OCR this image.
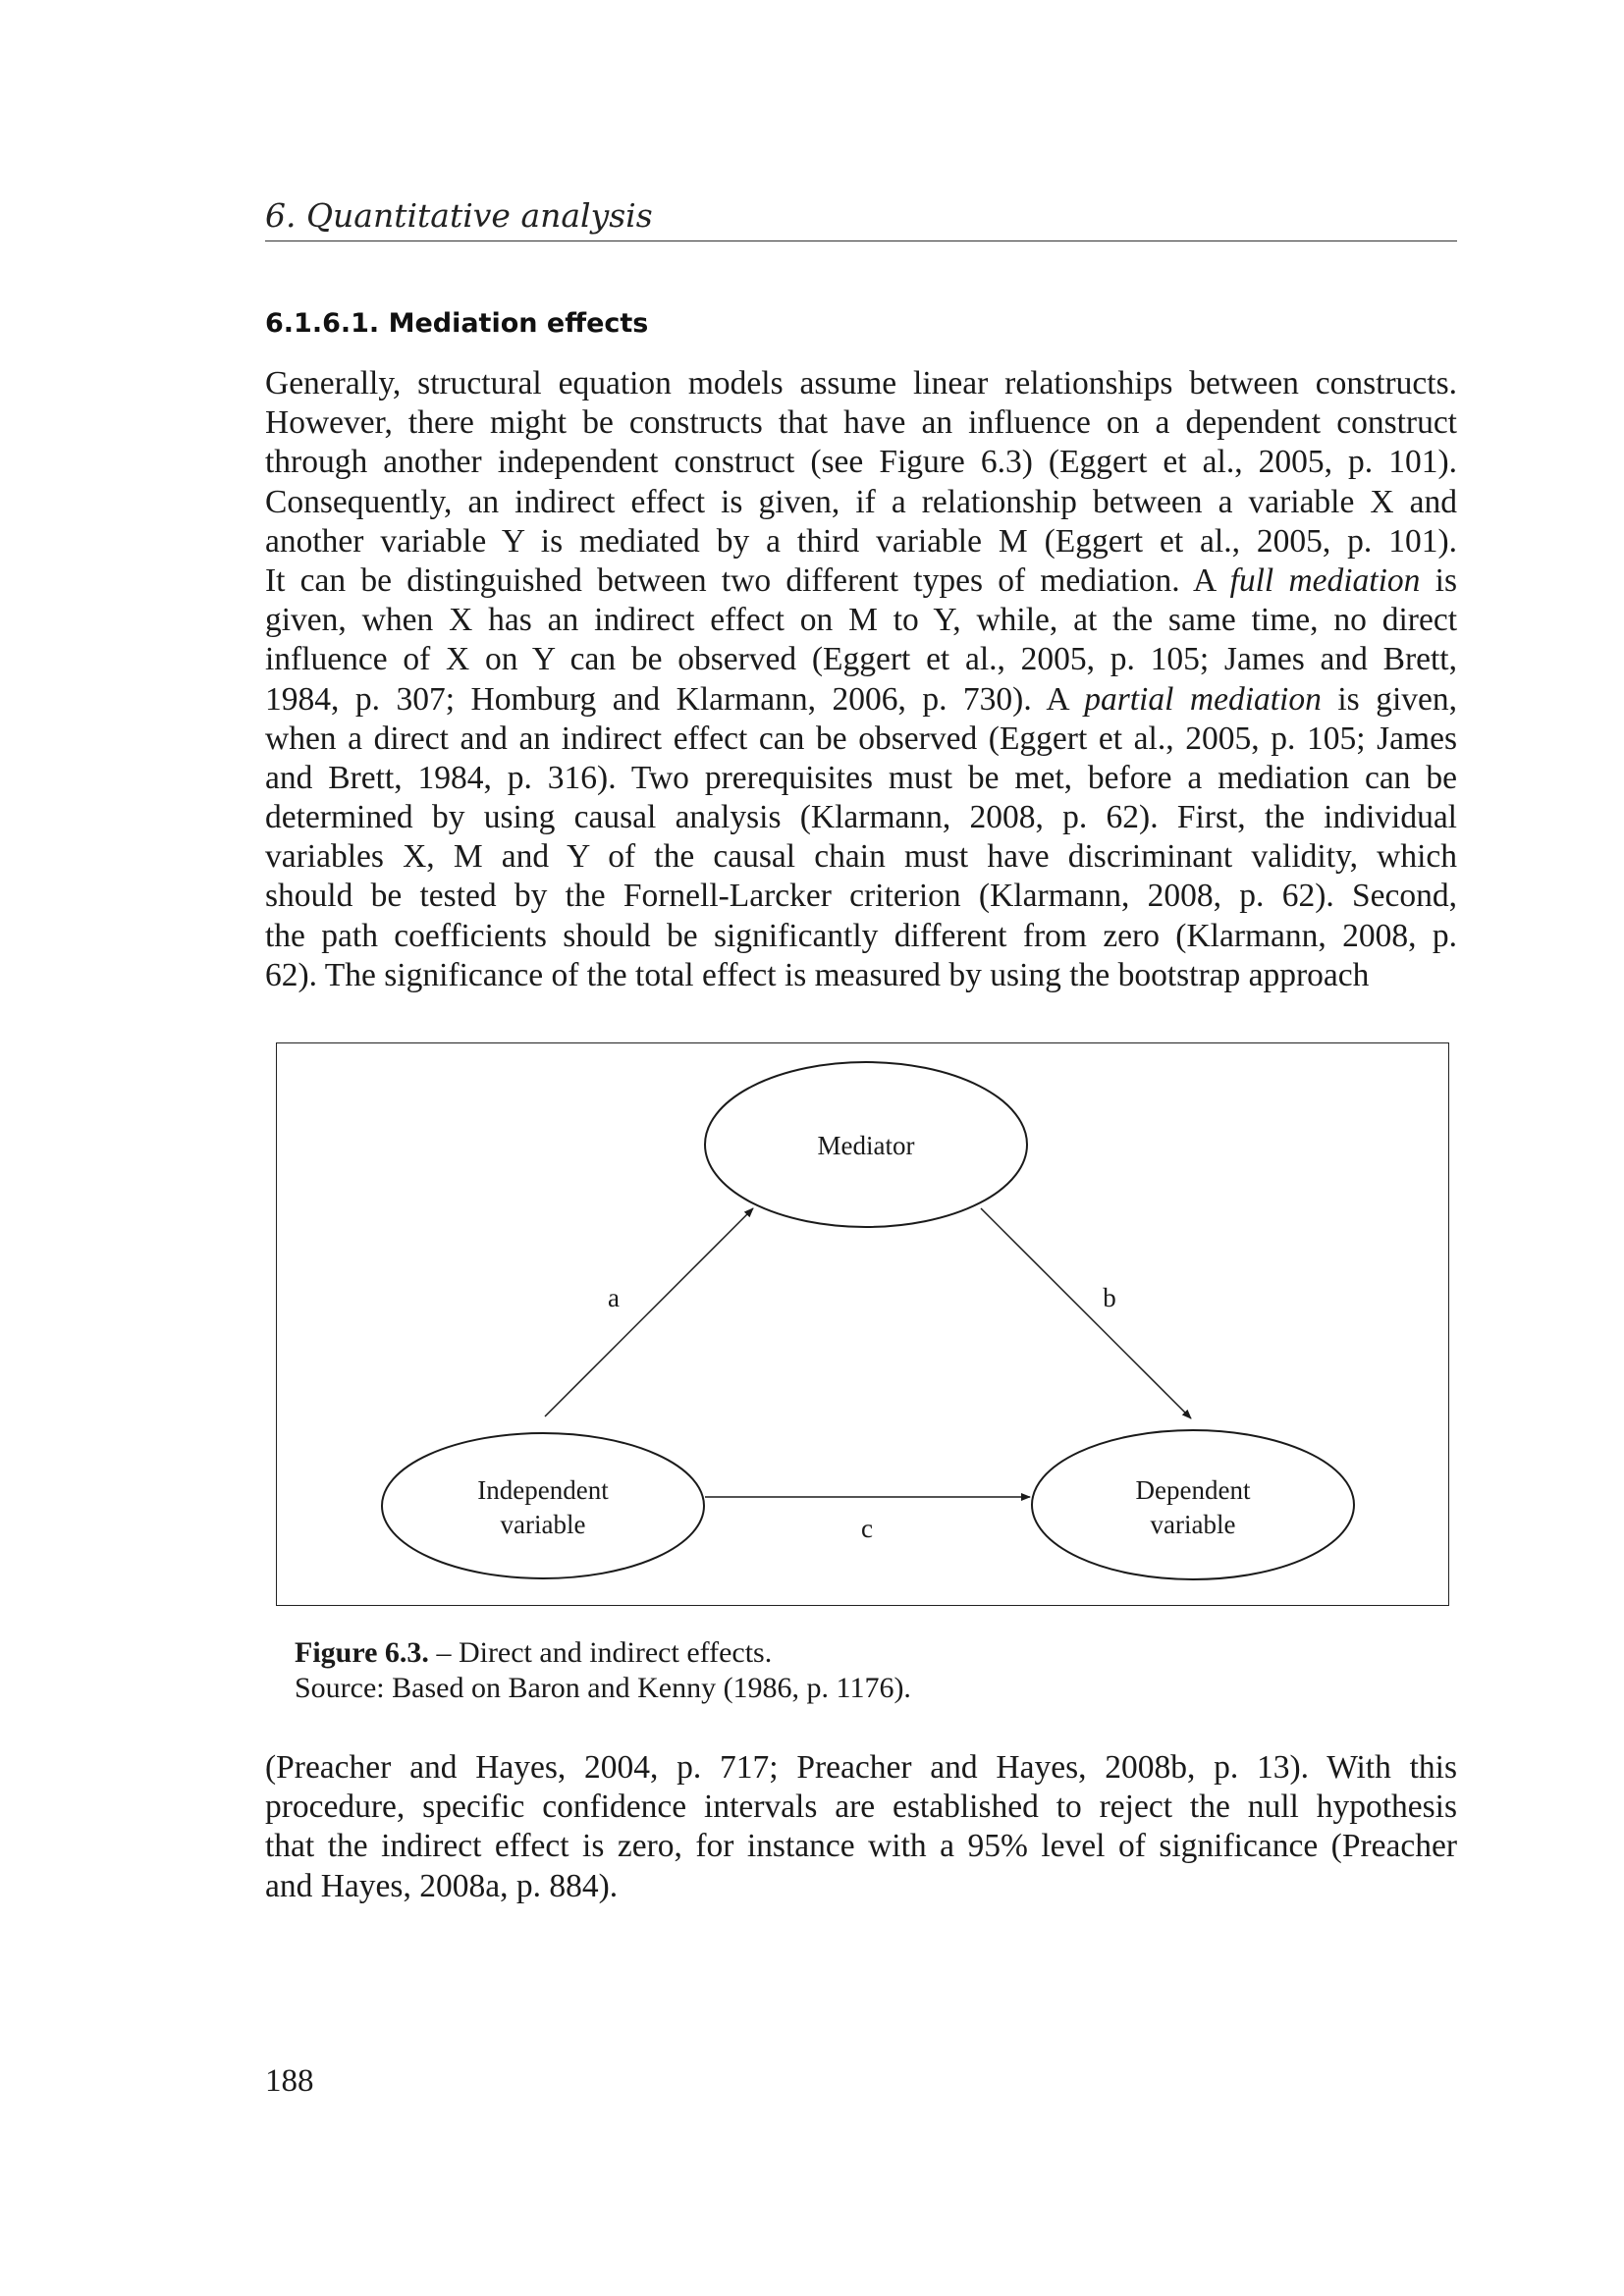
6. Quantitative analysis
6.1.6.1. Mediation effects
Generally, structural equation models assume linear relationships between constructs.
However, there might be constructs that have an influence on a dependent construct
through another independent construct (see Figure 6.3) (Eggert et al., 2005, p. 101).
Consequently, an indirect effect is given, if a relationship between a variable X and
another variable Y is mediated by a third variable M (Eggert et al., 2005, p. 101).
It can be distinguished between two different types of mediation. A full mediation is
given, when X has an indirect effect on M to Y, while, at the same time, no direct
influence of X on Y can be observed (Eggert et al., 2005, p. 105; James and Brett,
1984, p. 307; Homburg and Klarmann, 2006, p. 730). A partial mediation is given,
when a direct and an indirect effect can be observed (Eggert et al., 2005, p. 105; James
and Brett, 1984, p. 316). Two prerequisites must be met, before a mediation can be
determined by using causal analysis (Klarmann, 2008, p. 62). First, the individual
variables X, M and Y of the causal chain must have discriminant validity, which
should be tested by the Fornell-Larcker criterion (Klarmann, 2008, p. 62). Second,
the path coefficients should be significantly different from zero (Klarmann, 2008, p.
62). The significance of the total effect is measured by using the bootstrap approach
Mediator
Independent
variable
Dependent
variable
a	b
c
Figure 6.3. – Direct and indirect effects.
Source: Based on Baron and Kenny (1986, p. 1176).
(Preacher and Hayes, 2004, p. 717; Preacher and Hayes, 2008b, p. 13). With this
procedure, specific confidence intervals are established to reject the null hypothesis
that the indirect effect is zero, for instance with a 95% level of significance (Preacher
and Hayes, 2008a, p. 884).
188
